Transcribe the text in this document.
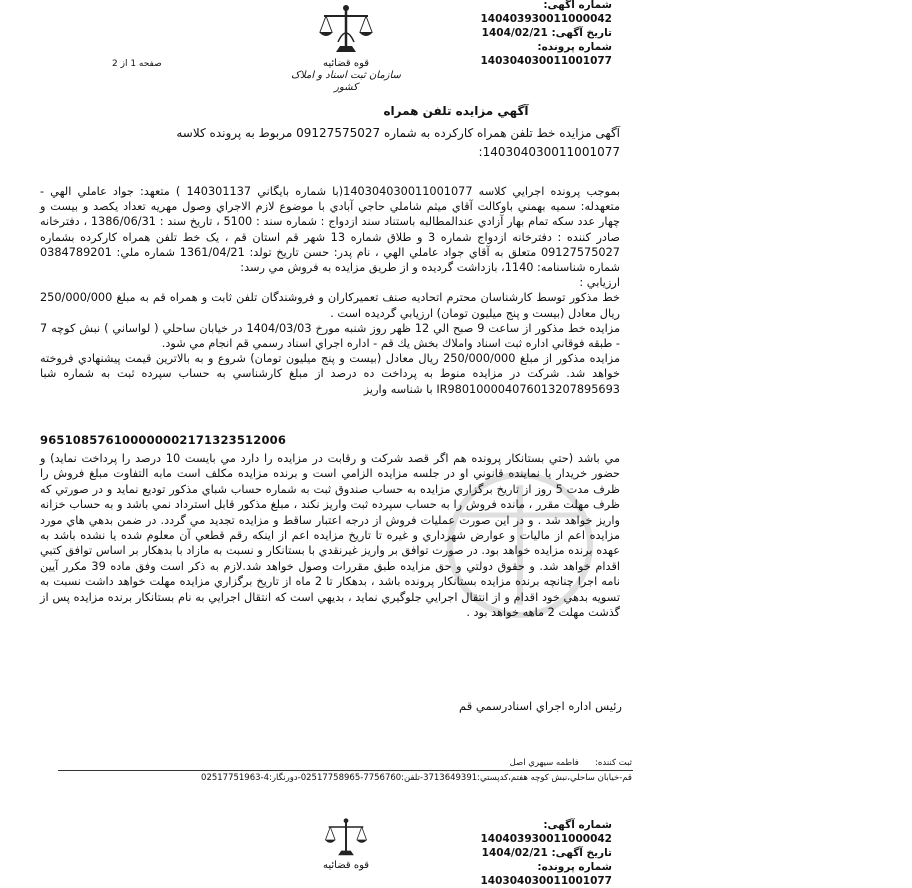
شماره آگهی: 140403930011000042
تاریخ آگهی: 1404/02/21
شماره پرونده: 140304030011001077
قوه قضائیه
سازمان ثبت اسناد و املاک کشور
صفحه 1 از 2
آگهي مزايده تلفن همراه
آگهی مزایده خط تلفن همراه کارکرده به شماره 09127575027 مربوط به پرونده کلاسه 140304030011001077:

بموجب پرونده اجرايي كلاسه 140304030011001077(با شماره بايگاني 140301137 ) متعهد: جواد عاملي الهي - متعهدله: سميه بهمني باوكالت آقاي ميثم شاملي حاجي آبادي با موضوع لازم الاجراي وصول مهريه تعداد يكصد و بيست و چهار عدد سكه تمام بهار آزادي عندالمطالبه باستناد سند ازدواج : شماره سند : 5100 ، تاريخ سند : 1386/06/31 ، دفترخانه صادر كننده : دفترخانه ازدواج شماره 3 و طلاق شماره 13 شهر قم استان قم ، يک خط تلفن همراه كاركرده بشماره 09127575027 متعلق به آقاي جواد عاملي الهي ، نام پدر: حسن تاريخ تولد: 1361/04/21 شماره ملي: 0384789201 شماره شناسنامه: 1140، بازداشت گرديده و از طريق مزايده به فروش مي رسد:

ارزيابي :

خط مذكور توسط كارشناسان محترم اتحاديه صنف تعميركاران و فروشندگان تلفن ثابت و همراه قم به مبلغ 250/000/000 ريال معادل (بيست و پنج ميليون تومان) ارزيابي گرديده است .

مزايده خط مذكور از ساعت 9 صبح الي 12 ظهر روز شنبه مورخ 1404/03/03 در خيابان ساحلي ( لواساني ) نبش كوچه 7 - طبقه فوقاني اداره ثبت اسناد واملاك بخش يك قم - اداره اجراي اسناد رسمي قم انجام مي شود.

مزايده مذكور از مبلغ 250/000/000 ريال معادل (بيست و پنج ميليون تومان) شروع و به بالاترين قيمت پيشنهادي فروخته خواهد شد. شركت در مزايده منوط به پرداخت ده درصد از مبلغ كارشناسي به حساب سپرده ثبت به شماره شبا IR980100004076013207895693 با شناسه واريز

965108576100000002171323512006

مي باشد (حتي بستانكار پرونده هم اگر قصد شركت و رقابت در مزايده را دارد مي بايست 10 درصد را پرداخت نمايد) و حضور خريدار يا نماينده قانوني او در جلسه مزايده الزامي است و برنده مزايده مكلف است مابه التفاوت مبلغ فروش را ظرف مدت 5 روز از تاريخ برگزاري مزايده به حساب صندوق ثبت به شماره حساب شباي مذكور توديع نمايد و در صورتي كه ظرف مهلت مقرر ، مانده فروش را به حساب سپرده ثبت واريز نكند ، مبلغ مذكور قابل استرداد نمي باشد و به حساب خزانه واريز خواهد شد . و در اين صورت عمليات فروش از درجه اعتبار ساقط و مزايده تجديد مي گردد. در ضمن بدهي هاي مورد مزايده اعم از ماليات و عوارض شهرداري و غيره تا تاريخ مزايده اعم از اينكه رقم قطعي آن معلوم شده يا نشده باشد به عهده برنده مزايده خواهد بود. در صورت توافق بر واريز غيرنقدي با بستانكار و نسبت به مازاد با بدهكار بر اساس توافق كتبي اقدام خواهد شد. و حقوق دولتي و حق مزايده طبق مقررات وصول خواهد شد.لازم به ذكر است وفق ماده 39 مكرر آيين نامه اجرا چنانچه برنده مزايده بستانكار پرونده باشد ، بدهكار تا 2 ماه از تاريخ برگزاري مزايده مهلت خواهد داشت نسبت به تسويه بدهي خود اقدام و از انتقال اجرايي جلوگيري نمايد ، بديهي است كه انتقال اجرايي به نام بستانكار برنده مزايده پس از گذشت مهلت 2 ماهه خواهد بود .

رئيس اداره اجراي اسنادرسمي قم
ثبت كننده:      فاطمه سيهري اصل
قم-خيابان ساحلي،نبش كوچه هفتم،كدپستي:3713649391-تلفن:7756760-02517758965-دورنگار:4-02517751963
شماره آگهی: 140403930011000042
تاریخ آگهی: 1404/02/21
شماره پرونده: 140304030011001077
قوه قضائیه
